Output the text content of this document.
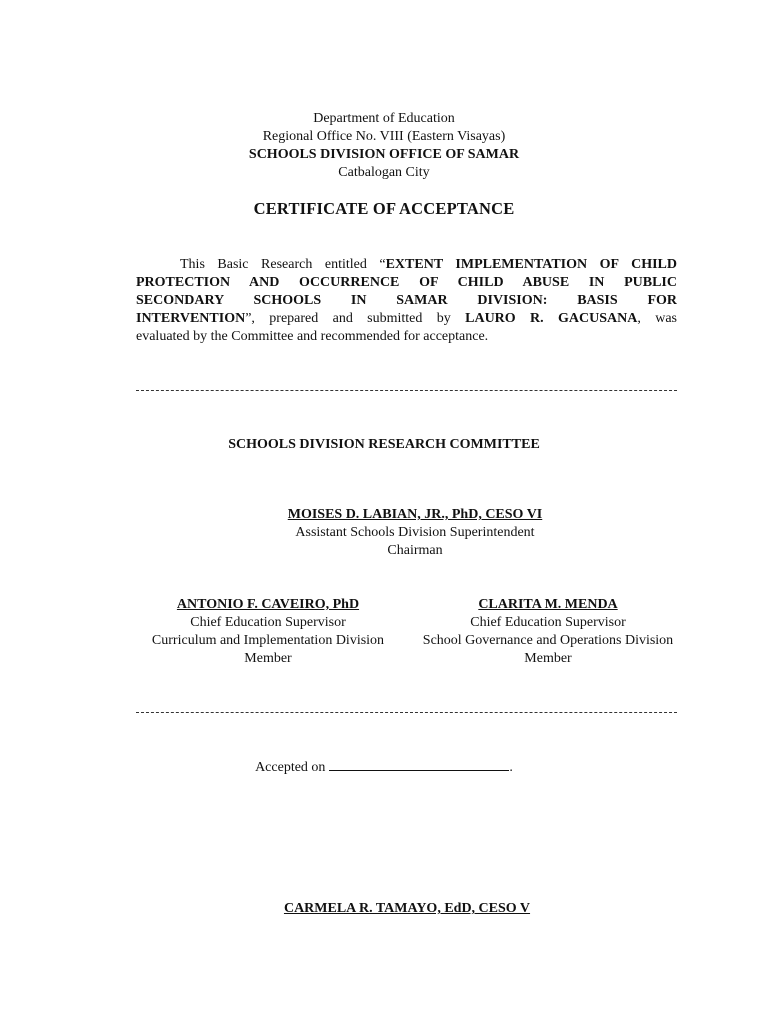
Department of Education
Regional Office No. VIII (Eastern Visayas)
SCHOOLS DIVISION OFFICE OF SAMAR
Catbalogan City
CERTIFICATE OF ACCEPTANCE
This Basic Research entitled “EXTENT IMPLEMENTATION OF CHILD
PROTECTION AND OCCURRENCE OF CHILD ABUSE IN PUBLIC
SECONDARY SCHOOLS IN SAMAR DIVISION: BASIS FOR
INTERVENTION”, prepared and submitted by LAURO R. GACUSANA, was
evaluated by the Committee and recommended for acceptance.
SCHOOLS DIVISION RESEARCH COMMITTEE
MOISES D. LABIAN, JR., PhD, CESO VI
Assistant Schools Division Superintendent
Chairman
ANTONIO F. CAVEIRO, PhD
Chief Education Supervisor
Curriculum and Implementation Division
Member
CLARITA M. MENDA
Chief Education Supervisor
School Governance and Operations Division
Member
Accepted on	.
CARMELA R. TAMAYO, EdD, CESO V
